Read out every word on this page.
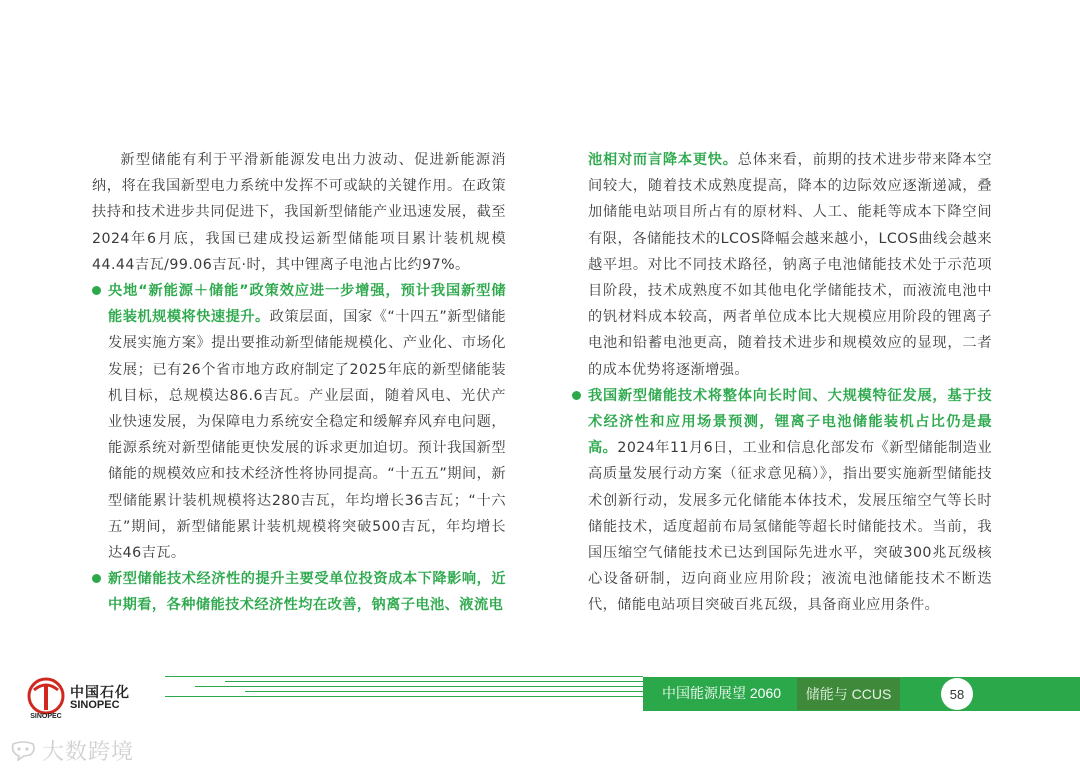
新型储能有利于平滑新能源发电出力波动、促进新能源消纳，将在我国新型电力系统中发挥不可或缺的关键作用。在政策扶持和技术进步共同促进下，我国新型储能产业迅速发展，截至2024年6月底，我国已建成投运新型储能项目累计装机规模44.44吉瓦/99.06吉瓦·时，其中锂离子电池占比约97%。

央地“新能源＋储能”政策效应进一步增强，预计我国新型储能装机规模将快速提升。政策层面，国家《“十四五”新型储能发展实施方案》提出要推动新型储能规模化、产业化、市场化发展；已有26个省市地方政府制定了2025年底的新型储能装机目标，总规模达86.6吉瓦。产业层面，随着风电、光伏产业快速发展，为保障电力系统安全稳定和缓解弃风弃电问题，能源系统对新型储能更快发展的诉求更加迫切。预计我国新型储能的规模效应和技术经济性将协同提高。“十五五”期间，新型储能累计装机规模将达280吉瓦，年均增长36吉瓦；“十六五”期间，新型储能累计装机规模将突破500吉瓦，年均增长达46吉瓦。

新型储能技术经济性的提升主要受单位投资成本下降影响，近中期看，各种储能技术经济性均在改善，钠离子电池、液流电

池相对而言降本更快。总体来看，前期的技术进步带来降本空间较大，随着技术成熟度提高，降本的边际效应逐渐递减，叠加储能电站项目所占有的原材料、人工、能耗等成本下降空间有限，各储能技术的LCOS降幅会越来越小，LCOS曲线会越来越平坦。对比不同技术路径，钠离子电池储能技术处于示范项目阶段，技术成熟度不如其他电化学储能技术，而液流电池中的钒材料成本较高，两者单位成本比大规模应用阶段的锂离子电池和铅蓄电池更高，随着技术进步和规模效应的显现，二者的成本优势将逐渐增强。

我国新型储能技术将整体向长时间、大规模特征发展，基于技术经济性和应用场景预测，锂离子电池储能装机占比仍是最高。2024年11月6日，工业和信息化部发布《新型储能制造业高质量发展行动方案（征求意见稿）》，指出要实施新型储能技术创新行动，发展多元化储能本体技术，发展压缩空气等长时储能技术，适度超前布局氢储能等超长时储能技术。当前，我国压缩空气储能技术已达到国际先进水平，突破300兆瓦级核心设备研制，迈向商业应用阶段；液流电池储能技术不断迭代，储能电站项目突破百兆瓦级，具备商业应用条件。

SINOPEC
中国石化
SINOPEC
中国能源展望 2060	储能与 CCUS	58
大数跨境
